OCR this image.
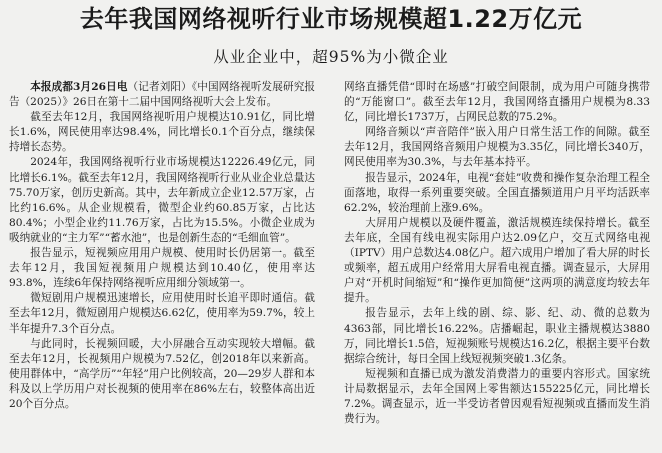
去年我国网络视听行业市场规模超1.22万亿元
从业企业中，超95%为小微企业

本报成都3月26日电（记者刘阳）《中国网络视听发展研究报告（2025）》26日在第十二届中国网络视听大会上发布。

截至去年12月，我国网络视听用户规模达10.91亿，同比增长1.6%，网民使用率达98.4%，同比增长0.1个百分点，继续保持增长态势。

2024年，我国网络视听行业市场规模达12226.49亿元，同比增长6.1%。截至去年12月，我国网络视听行业从业企业总量达75.70万家，创历史新高。其中，去年新成立企业12.57万家，占比约16.6%。从企业规模看，微型企业约60.85万家，占比达80.4%；小型企业约11.76万家，占比为15.5%。小微企业成为吸纳就业的“主力军”“蓄水池”，也是创新生态的“毛细血管”。

报告显示，短视频应用用户规模、使用时长仍居第一。截至去年12月，我国短视频用户规模达到10.40亿，使用率达93.8%，连续6年保持网络视听应用细分领域第一。

微短剧用户规模迅速增长，应用使用时长追平即时通信。截至去年12月，微短剧用户规模达6.62亿，使用率为59.7%，较上半年提升7.3个百分点。

与此同时，长视频回暖，大小屏融合互动实现较大增幅。截至去年12月，长视频用户规模为7.52亿，创2018年以来新高。使用群体中，“高学历”“年轻”用户比例较高，20—29岁人群和本科及以上学历用户对长视频的使用率在86%左右，较整体高出近20个百分点。

网络直播凭借“即时在场感”打破空间限制，成为用户可随身携带的“万能窗口”。截至去年12月，我国网络直播用户规模为8.33亿，同比增长1737万，占网民总数的75.2%。

网络音频以“声音陪伴”嵌入用户日常生活工作的间隙。截至去年12月，我国网络音频用户规模为3.35亿，同比增长340万，网民使用率为30.3%，与去年基本持平。

报告显示，2024年，电视“套娃”收费和操作复杂治理工程全面落地，取得一系列重要突破。全国直播频道用户月平均活跃率62.2%，较治理前上涨9.6%。

大屏用户规模以及硬件覆盖，激活规模连续保持增长。截至去年底，全国有线电视实际用户达2.09亿户，交互式网络电视（IPTV）用户总数达4.08亿户。超六成用户增加了看大屏的时长或频率，超五成用户经常用大屏看电视直播。调查显示，大屏用户对“开机时间缩短”和“操作更加简便”这两项的满意度均较去年提升。

报告显示，去年上线的剧、综、影、纪、动、微的总数为4363部，同比增长16.22%。店播崛起，职业主播规模达3880万，同比增长1.5倍，短视频账号规模达16.2亿，根据主要平台数据综合统计，每日全国上线短视频突破1.3亿条。

短视频和直播已成为激发消费潜力的重要内容形式。国家统计局数据显示，去年全国网上零售额达155225亿元，同比增长7.2%。调查显示，近一半受访者曾因观看短视频或直播而发生消费行为。
